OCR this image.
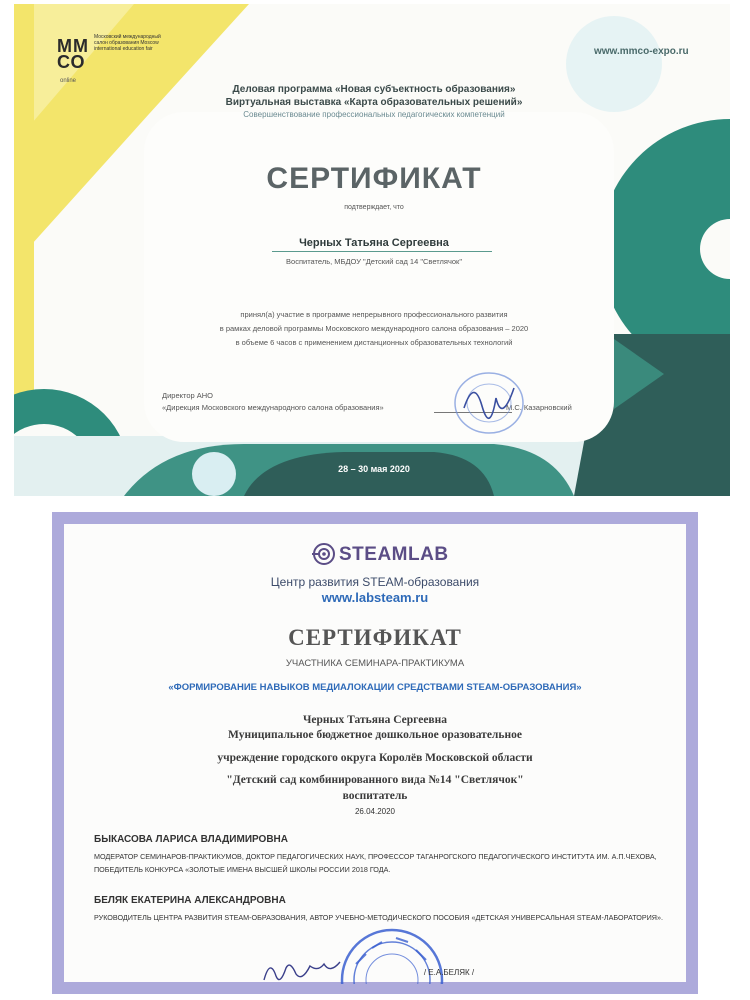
ММ СО
Московский международный салон образования Moscow international education fair
online
www.mmco-expo.ru
Деловая программа «Новая субъектность образования»
Виртуальная выставка «Карта образовательных решений»
Совершенствование профессиональных педагогических компетенций
СЕРТИФИКАТ
подтверждает, что
Черных Татьяна Сергеевна
Воспитатель, МБДОУ "Детский сад 14 "Светлячок"
принял(а) участие в программе непрерывного профессионального развития
в рамках деловой программы Московского международного салона образования – 2020
в объеме 6 часов с применением дистанционных образовательных технологий
Директор АНО
«Дирекция Московского международного салона образования»	М.С. Казарновский
28 – 30 мая 2020
STEAMLAB
Центр развития STEAM-образования
www.labsteam.ru
СЕРТИФИКАТ
УЧАСТНИКА СЕМИНАРА-ПРАКТИКУМА
«ФОРМИРОВАНИЕ НАВЫКОВ МЕДИАЛОКАЦИИ СРЕДСТВАМИ STEAM-ОБРАЗОВАНИЯ»
Черных Татьяна Сергеевна
Муниципальное бюджетное дошкольное оразовательное
учреждение городского округа Королёв Московской области
"Детский сад комбинированного вида №14 "Светлячок"
воспитатель
26.04.2020
БЫКАСОВА ЛАРИСА ВЛАДИМИРОВНА
МОДЕРАТОР СЕМИНАРОВ-ПРАКТИКУМОВ, ДОКТОР ПЕДАГОГИЧЕСКИХ НАУК, ПРОФЕССОР ТАГАНРОГСКОГО ПЕДАГОГИЧЕСКОГО ИНСТИТУТА ИМ. А.П.ЧЕХОВА, ПОБЕДИТЕЛЬ КОНКУРСА «ЗОЛОТЫЕ ИМЕНА ВЫСШЕЙ ШКОЛЫ РОССИИ 2018 ГОДА.
БЕЛЯК ЕКАТЕРИНА АЛЕКСАНДРОВНА
РУКОВОДИТЕЛЬ ЦЕНТРА РАЗВИТИЯ STEAM-ОБРАЗОВАНИЯ, АВТОР УЧЕБНО-МЕТОДИЧЕСКОГО ПОСОБИЯ «ДЕТСКАЯ УНИВЕРСАЛЬНАЯ STEAM-ЛАБОРАТОРИЯ».
/ Е.А.БЕЛЯК /
